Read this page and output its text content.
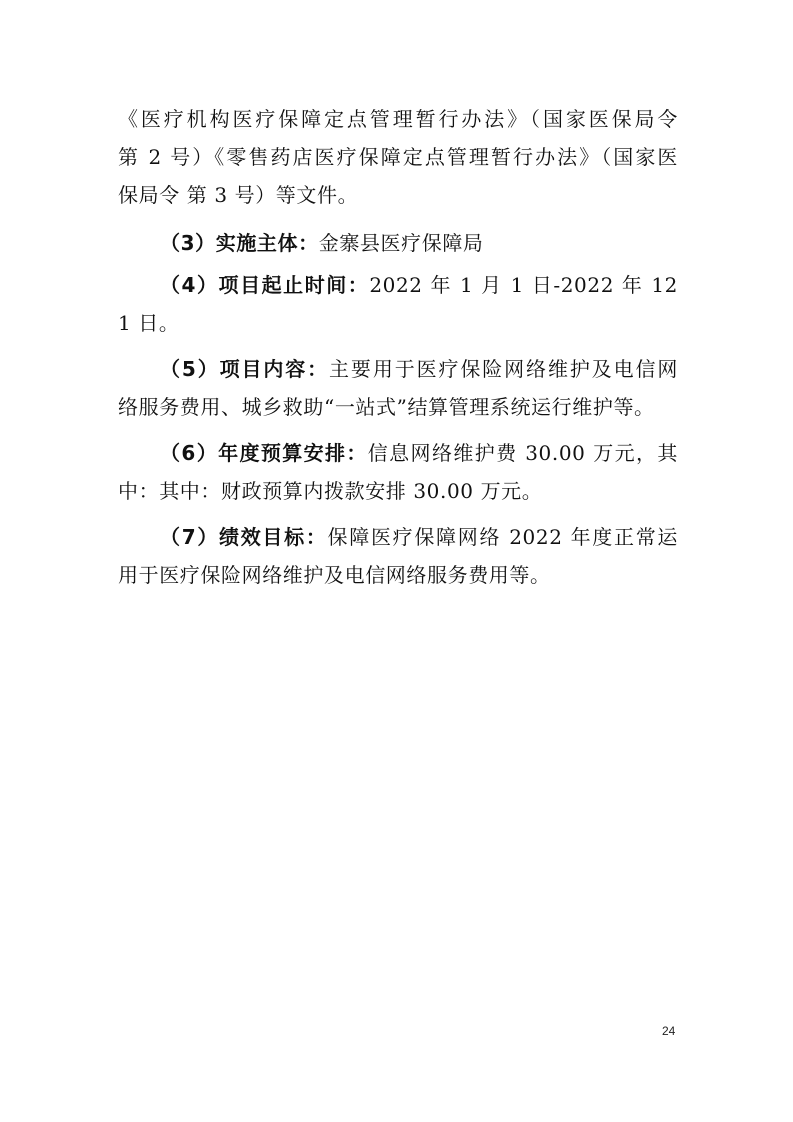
《医疗机构医疗保障定点管理暂行办法》（国家医保局令
第 2 号）《零售药店医疗保障定点管理暂行办法》（国家医
保局令 第 3 号）等文件。
（3）实施主体：金寨县医疗保障局
（4）项目起止时间：2022 年 1 月 1 日-2022 年 12
1 日。
（5）项目内容：主要用于医疗保险网络维护及电信网
络服务费用、城乡救助“一站式”结算管理系统运行维护等。
（6）年度预算安排：信息网络维护费 30.00 万元，其
中：其中：财政预算内拨款安排 30.00 万元。
（7）绩效目标：保障医疗保障网络 2022 年度正常运
用于医疗保险网络维护及电信网络服务费用等。
24
